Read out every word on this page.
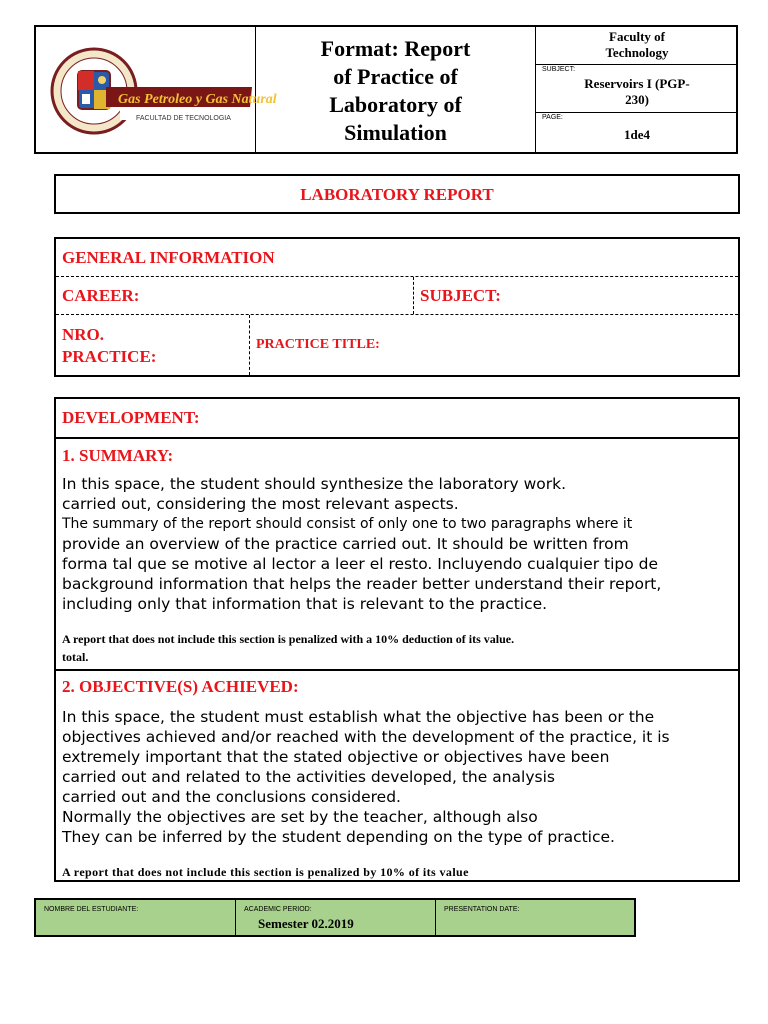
Gas Petroleo y Gas Natural
FACULTAD DE TECNOLOGIA
Format: Report
of Practice of
Laboratory of
Simulation
Faculty of
Technology
SUBJECT:
Reservoirs I (PGP-
230)
PAGE:
1de4
LABORATORY REPORT
GENERAL INFORMATION
CAREER:	SUBJECT:
NRO.
PRACTICE:
PRACTICE TITLE:
DEVELOPMENT:
1. SUMMARY:
In this space, the student should synthesize the laboratory work.
carried out, considering the most relevant aspects.
The summary of the report should consist of only one to two paragraphs where it
provide an overview of the practice carried out. It should be written from
forma tal que se motive al lector a leer el resto. Incluyendo cualquier tipo de
background information that helps the reader better understand their report,
including only that information that is relevant to the practice.
A report that does not include this section is penalized with a 10% deduction of its value.
total.
2. OBJECTIVE(S) ACHIEVED:
In this space, the student must establish what the objective has been or the
objectives achieved and/or reached with the development of the practice, it is
extremely important that the stated objective or objectives have been
carried out and related to the activities developed, the analysis
carried out and the conclusions considered.
Normally the objectives are set by the teacher, although also
They can be inferred by the student depending on the type of practice.
A report that does not include this section is penalized by 10% of its value
NOMBRE DEL ESTUDIANTE:	ACADEMIC PERIOD:
Semester 02.2019
PRESENTATION DATE:
